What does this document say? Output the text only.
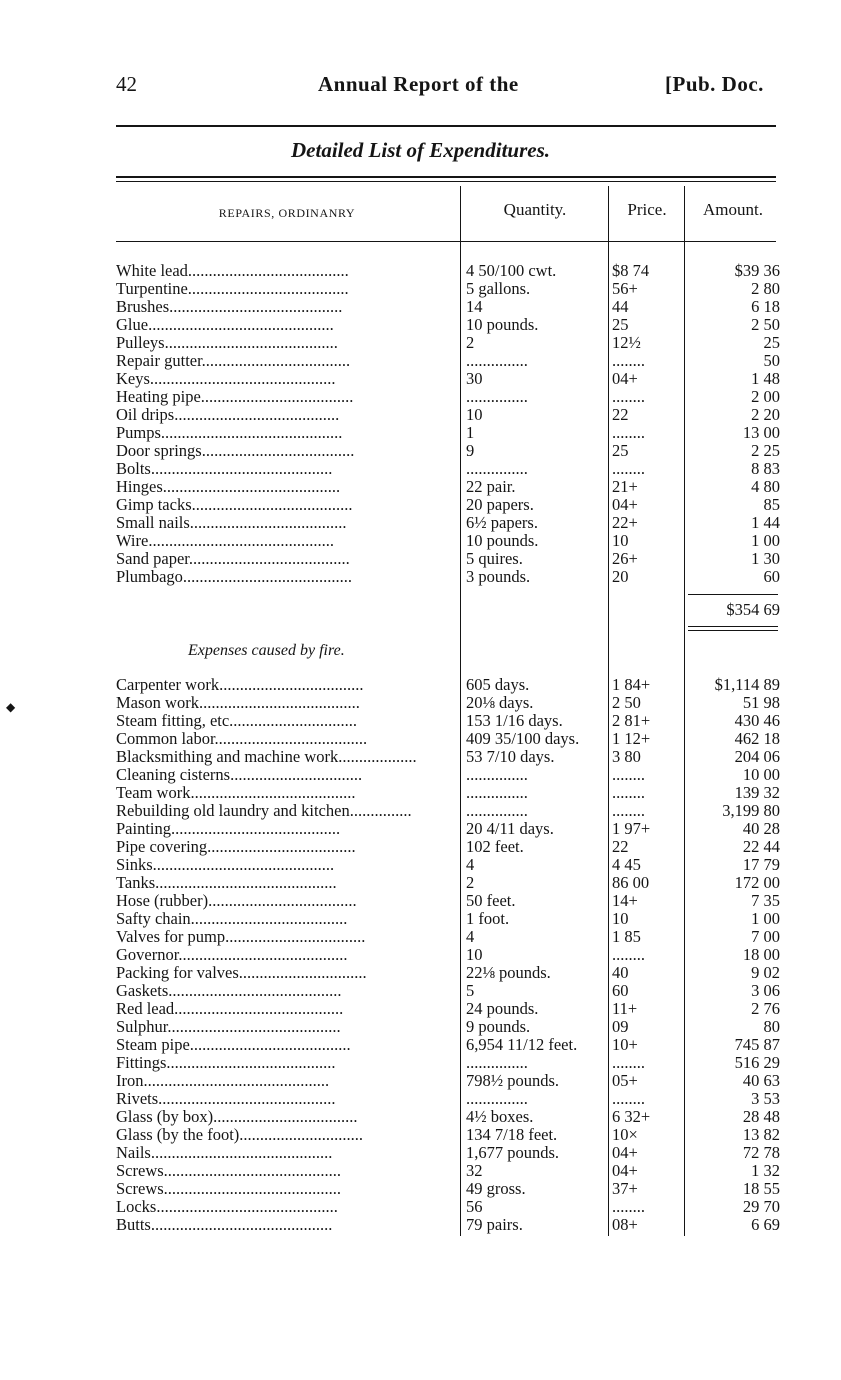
42	Annual Report of the	[Pub. Doc.
Detailed List of Expenditures.
REPAIRS, ORDINANRY	Quantity.	Price.	Amount.
White lead.......................................	4 50/100 cwt.	$8 74	$39 36
Turpentine.......................................	5 gallons.	56+	2 80
Brushes..........................................	14	44	6 18
Glue.............................................	10 pounds.	25	2 50
Pulleys..........................................	2	12½	25
Repair gutter....................................	...............	........	50
Keys.............................................	30	04+	1 48
Heating pipe.....................................	...............	........	2 00
Oil drips........................................	10	22	2 20
Pumps............................................	1	........	13 00
Door springs.....................................	9	25	2 25
Bolts............................................	...............	........	8 83
Hinges...........................................	22 pair.	21+	4 80
Gimp tacks.......................................	20 papers.	04+	85
Small nails......................................	6½ papers.	22+	1 44
Wire.............................................	10 pounds.	10	1 00
Sand paper.......................................	5 quires.	26+	1 30
Plumbago.........................................	3 pounds.	20	60
$354 69
Expenses caused by fire.
◆
Carpenter work...................................	605 days.	1 84+	$1,114 89
Mason work.......................................	20⅛ days.	2 50	51 98
Steam fitting, etc...............................	153 1/16 days.	2 81+	430 46
Common labor.....................................	409 35/100 days.	1 12+	462 18
Blacksmithing and machine work...................	53 7/10 days.	3 80	204 06
Cleaning cisterns................................	...............	........	10 00
Team work........................................	...............	........	139 32
Rebuilding old laundry and kitchen...............	...............	........	3,199 80
Painting.........................................	20 4/11 days.	1 97+	40 28
Pipe covering....................................	102 feet.	22	22 44
Sinks............................................	4	4 45	17 79
Tanks............................................	2	86 00	172 00
Hose (rubber)....................................	50 feet.	14+	7 35
Safty chain......................................	1 foot.	10	1 00
Valves for pump..................................	4	1 85	7 00
Governor.........................................	10	........	18 00
Packing for valves...............................	22⅛ pounds.	40	9 02
Gaskets..........................................	5	60	3 06
Red lead.........................................	24 pounds.	11+	2 76
Sulphur..........................................	9 pounds.	09	80
Steam pipe.......................................	6,954 11/12 feet.	10+	745 87
Fittings.........................................	...............	........	516 29
Iron.............................................	798½ pounds.	05+	40 63
Rivets...........................................	...............	........	3 53
Glass (by box)...................................	4½ boxes.	6 32+	28 48
Glass (by the foot)..............................	134 7/18 feet.	10×	13 82
Nails............................................	1,677 pounds.	04+	72 78
Screws...........................................	32	04+	1 32
Screws...........................................	49 gross.	37+	18 55
Locks............................................	56	........	29 70
Butts............................................	79 pairs.	08+	6 69
